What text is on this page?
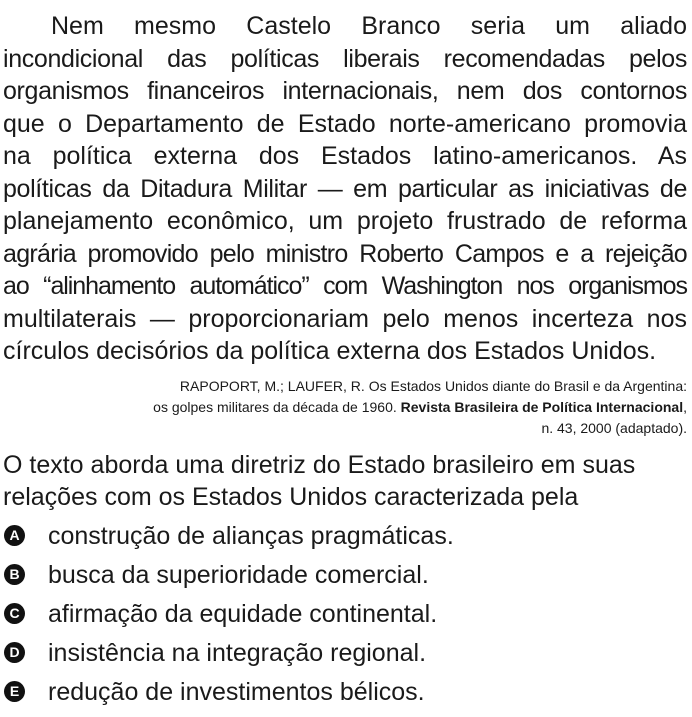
Nem mesmo Castelo Branco seria um aliado
incondicional das políticas liberais recomendadas pelos
organismos financeiros internacionais, nem dos contornos
que o Departamento de Estado norte-americano promovia
na política externa dos Estados latino-americanos. As
políticas da Ditadura Militar — em particular as iniciativas de
planejamento econômico, um projeto frustrado de reforma
agrária promovido pelo ministro Roberto Campos e a rejeição
ao “alinhamento automático” com Washington nos organismos
multilaterais — proporcionariam pelo menos incerteza nos
círculos decisórios da política externa dos Estados Unidos.
RAPOPORT, M.; LAUFER, R. Os Estados Unidos diante do Brasil e da Argentina:
os golpes militares da década de 1960. Revista Brasileira de Política Internacional,
n. 43, 2000 (adaptado).
O texto aborda uma diretriz do Estado brasileiro em suas
relações com os Estados Unidos caracterizada pela
A construção de alianças pragmáticas.
B busca da superioridade comercial.
C afirmação da equidade continental.
D insistência na integração regional.
E redução de investimentos bélicos.
